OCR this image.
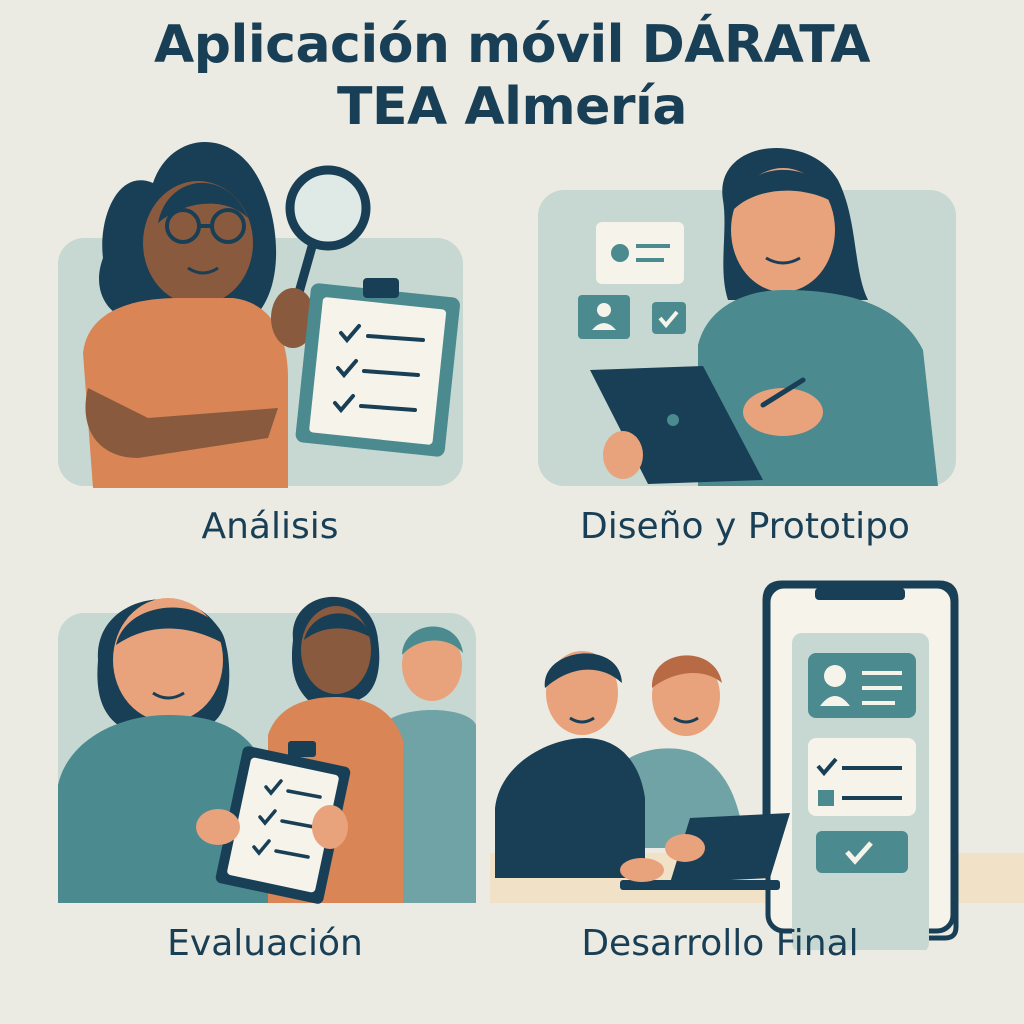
Aplicación móvil DÁRATA
TEA Almería
Análisis	Diseño y Prototipo
Evaluación	Desarrollo Final
